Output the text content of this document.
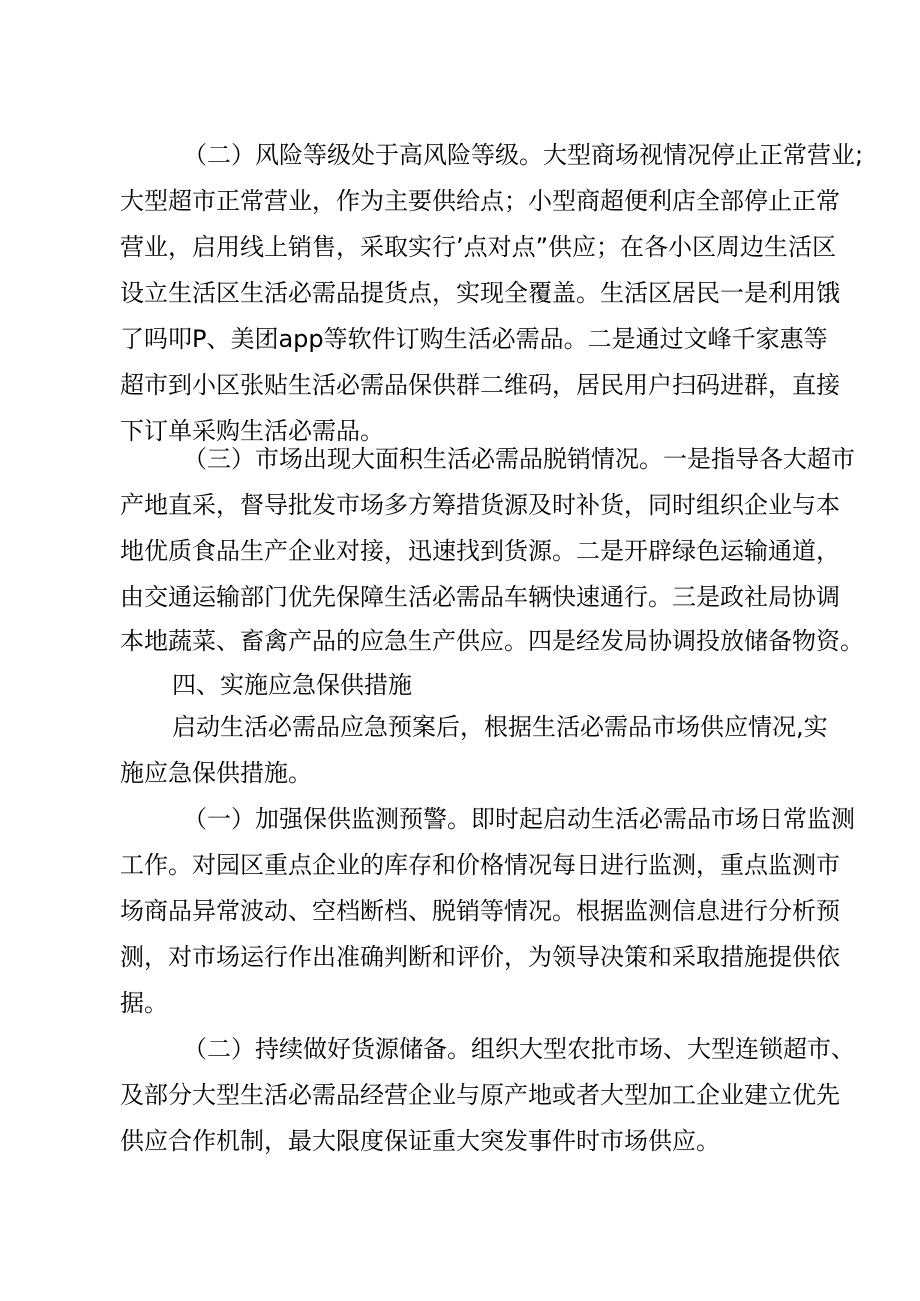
（二）风险等级处于高风险等级。大型商场视情况停止正常营业;
大型超市正常营业，作为主要供给点；小型商超便利店全部停止正常
营业，启用线上销售，采取实行’点对点”供应；在各小区周边生活区
设立生活区生活必需品提货点，实现全覆盖。生活区居民一是利用饿
了吗叩P、美团app等软件订购生活必需品。二是通过文峰千家惠等
超市到小区张贴生活必需品保供群二维码，居民用户扫码进群，直接
下订单采购生活必需品。
（三）市场出现大面积生活必需品脱销情况。一是指导各大超市
产地直采，督导批发市场多方筹措货源及时补货，同时组织企业与本
地优质食品生产企业对接，迅速找到货源。二是开辟绿色运输通道，
由交通运输部门优先保障生活必需品车辆快速通行。三是政社局协调
本地蔬菜、畜禽产品的应急生产供应。四是经发局协调投放储备物资。
四、实施应急保供措施
启动生活必需品应急预案后，根据生活必需品市场供应情况,实
施应急保供措施。
（一）加强保供监测预警。即时起启动生活必需品市场日常监测
工作。对园区重点企业的库存和价格情况每日进行监测，重点监测市
场商品异常波动、空档断档、脱销等情况。根据监测信息进行分析预
测，对市场运行作出准确判断和评价，为领导决策和采取措施提供依
据。
（二）持续做好货源储备。组织大型农批市场、大型连锁超市、
及部分大型生活必需品经营企业与原产地或者大型加工企业建立优先
供应合作机制，最大限度保证重大突发事件时市场供应。
